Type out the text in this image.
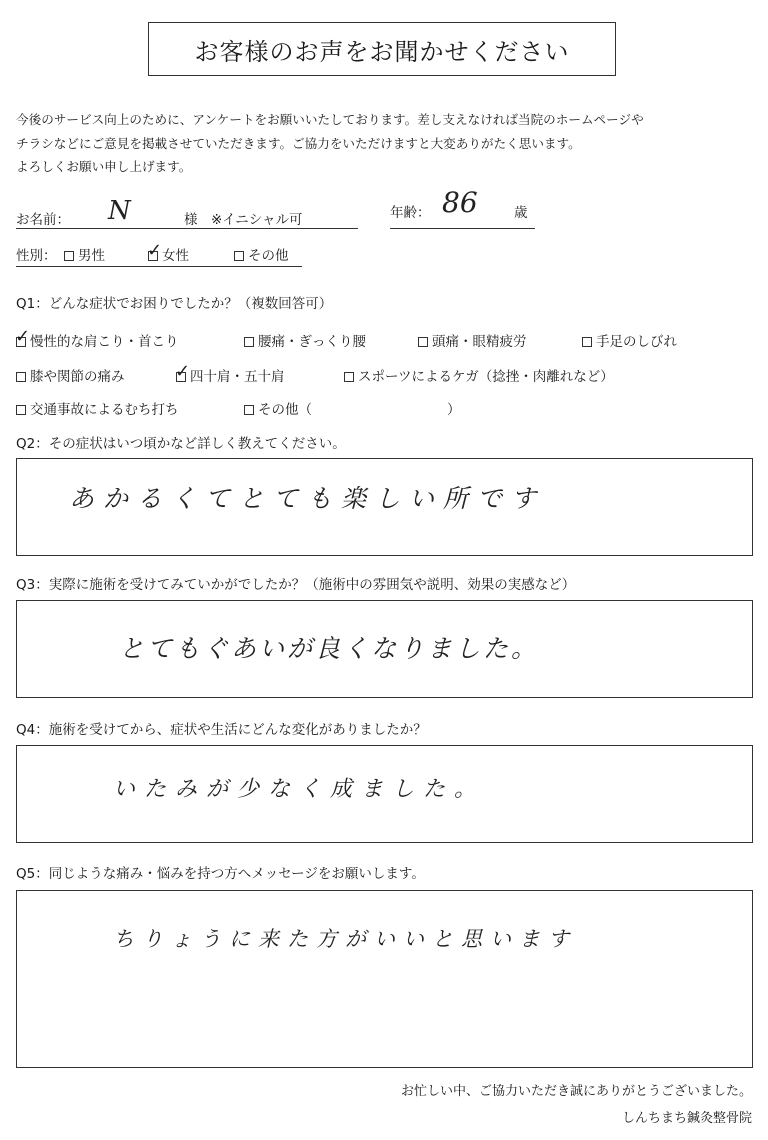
お客様のお声をお聞かせください
今後のサービス向上のために、アンケートをお願いいたしております。差し支えなければ当院のホームページや
チラシなどにご意見を掲載させていただきます。ご協力をいただけますと大変ありがたく思います。
よろしくお願い申し上げます。
お名前： N	様　※イニシャル可	年齢： 86	歳
性別：	男性 ✓	女性	その他
Q1：どんな症状でお困りでしたか？（複数回答可）
✓慢性的な肩こり・首こり	腰痛・ぎっくり腰	頭痛・眼精疲労	手足のしびれ
膝や関節の痛み ✓	四十肩・五十肩	スポーツによるケガ（捻挫・肉離れなど）
交通事故によるむち打ち	その他（　　　　　　　　　　）
Q2：その症状はいつ頃かなど詳しく教えてください。
あかるくてとても楽しい所です
Q3：実際に施術を受けてみていかがでしたか？（施術中の雰囲気や説明、効果の実感など）
とてもぐあいが良くなりました。
Q4：施術を受けてから、症状や生活にどんな変化がありましたか？
いたみが少なく成ました。
Q5：同じような痛み・悩みを持つ方へメッセージをお願いします。
ちりょうに来た方がいいと思います
お忙しい中、ご協力いただき誠にありがとうございました。
しんちまち鍼灸整骨院
